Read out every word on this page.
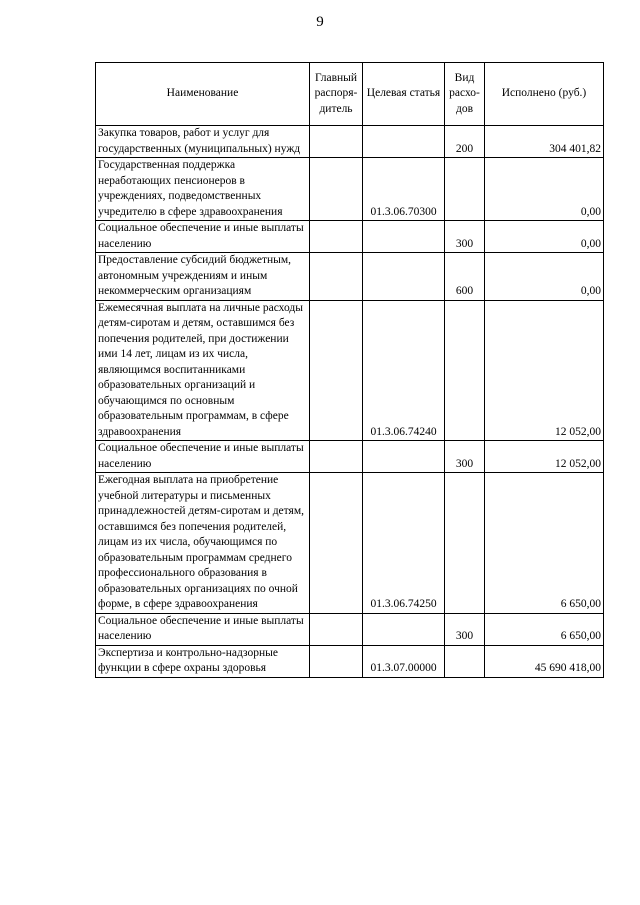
9
Наименование	Главный распоря-дитель	Целевая статья	Вид расхо-дов	Исполнено (руб.)
Закупка товаров, работ и услуг для государственных (муниципальных) нужд			200	304 401,82
Государственная поддержка неработающих пенсионеров в учреждениях, подведомственных учредителю в сфере здравоохранения		01.3.06.70300		0,00
Социальное обеспечение и иные выплаты населению			300	0,00
Предоставление субсидий бюджетным, автономным учреждениям и иным некоммерческим организациям			600	0,00
Ежемесячная выплата на личные расходы детям-сиротам и детям, оставшимся без попечения родителей, при достижении ими 14 лет, лицам из их числа, являющимся воспитанниками образовательных организаций и обучающимся по основным образовательным программам, в сфере здравоохранения		01.3.06.74240		12 052,00
Социальное обеспечение и иные выплаты населению			300	12 052,00
Ежегодная выплата на приобретение учебной литературы и письменных принадлежностей детям-сиротам и детям, оставшимся без попечения родителей, лицам из их числа, обучающимся по образовательным программам среднего профессионального образования в образовательных организациях по очной форме, в сфере здравоохранения		01.3.06.74250		6 650,00
Социальное обеспечение и иные выплаты населению			300	6 650,00
Экспертиза и контрольно-надзорные функции в сфере охраны здоровья		01.3.07.00000		45 690 418,00
